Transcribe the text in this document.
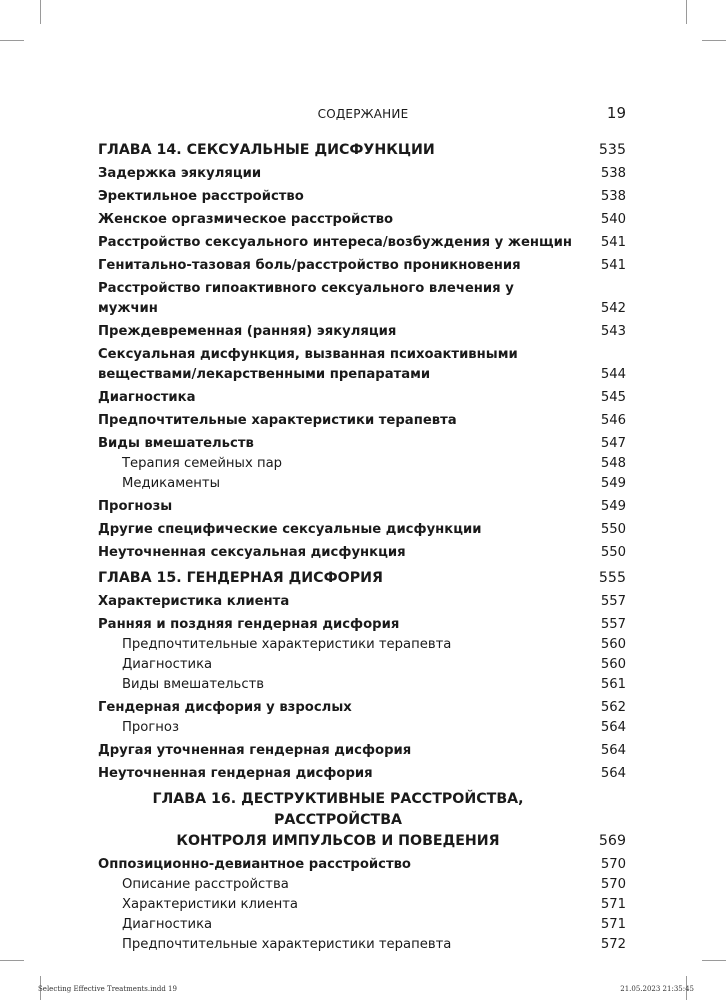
СОДЕРЖАНИЕ	19
ГЛАВА 14. СЕКСУАЛЬНЫЕ ДИСФУНКЦИИ	535
Задержка эякуляции	538
Эректильное расстройство	538
Женское оргазмическое расстройство	540
Расстройство сексуального интереса/возбуждения у женщин	541
Генитально-тазовая боль/расстройство проникновения	541
Расстройство гипоактивного сексуального влечения у мужчин	542
Преждевременная (ранняя) эякуляция	543
Сексуальная дисфункция, вызванная психоактивными веществами/лекарственными препаратами	544
Диагностика	545
Предпочтительные характеристики терапевта	546
Виды вмешательств	547
Терапия семейных пар	548
Медикаменты	549
Прогнозы	549
Другие специфические сексуальные дисфункции	550
Неуточненная сексуальная дисфункция	550
ГЛАВА 15. ГЕНДЕРНАЯ ДИСФОРИЯ	555
Характеристика клиента	557
Ранняя и поздняя гендерная дисфория	557
Предпочтительные характеристики терапевта	560
Диагностика	560
Виды вмешательств	561
Гендерная дисфория у взрослых	562
Прогноз	564
Другая уточненная гендерная дисфория	564
Неуточненная гендерная дисфория	564
ГЛАВА 16. ДЕСТРУКТИВНЫЕ РАССТРОЙСТВА, РАССТРОЙСТВА
КОНТРОЛЯ ИМПУЛЬСОВ И ПОВЕДЕНИЯ	569
Оппозиционно-девиантное расстройство	570
Описание расстройства	570
Характеристики клиента	571
Диагностика	571
Предпочтительные характеристики терапевта	572
Selecting Effective Treatments.indd 19	21.05.2023 21:35:45
